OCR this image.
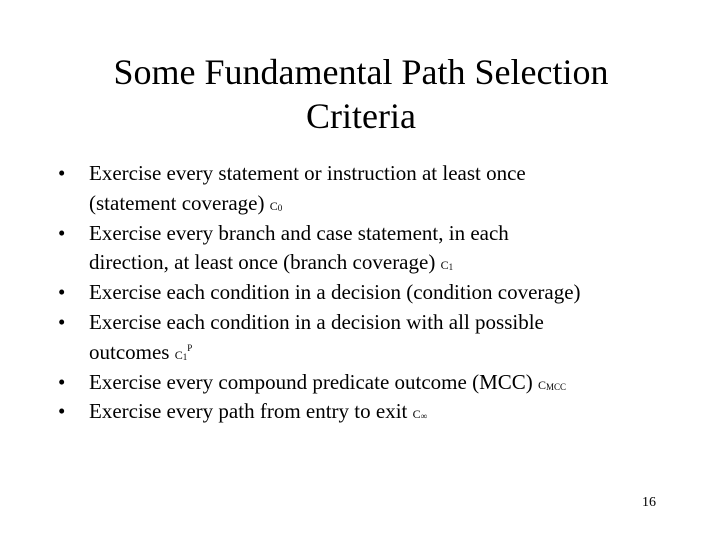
Some Fundamental Path Selection
Criteria
• Exercise every statement or instruction at least once
(statement coverage) $C_0$
• Exercise every branch and case statement, in each
direction, at least once (branch coverage) $C_1$
• Exercise each condition in a decision (condition coverage)
• Exercise each condition in a decision with all possible
outcomes $C_1^P$
• Exercise every compound predicate outcome (MCC) $C_{MCC}$
• Exercise every path from entry to exit $C_\infty$
16
